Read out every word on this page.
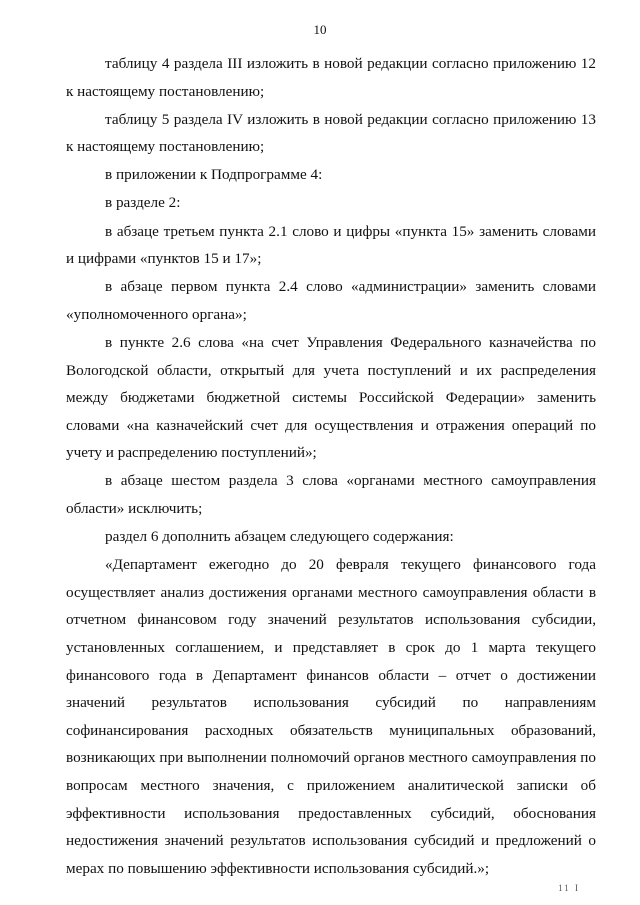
10

таблицу 4 раздела III изложить в новой редакции согласно приложению 12 к настоящему постановлению;

таблицу 5 раздела IV изложить в новой редакции согласно приложению 13 к настоящему постановлению;

в приложении к Подпрограмме 4:

в разделе 2:

в абзаце третьем пункта 2.1 слово и цифры «пункта 15» заменить словами и цифрами «пунктов 15 и 17»;

в абзаце первом пункта 2.4 слово «администрации» заменить словами «уполномоченного органа»;

в пункте 2.6 слова «на счет Управления Федерального казначейства по Вологодской области, открытый для учета поступлений и их распределения между бюджетами бюджетной системы Российской Федерации» заменить словами «на казначейский счет для осуществления и отражения операций по учету и распределению поступлений»;

в абзаце шестом раздела 3 слова «органами местного самоуправления области» исключить;

раздел 6 дополнить абзацем следующего содержания:

«Департамент ежегодно до 20 февраля текущего финансового года осуществляет анализ достижения органами местного самоуправления области в отчетном финансовом году значений результатов использования субсидии, установленных соглашением, и представляет в срок до 1 марта текущего финансового года в Департамент финансов области – отчет о достижении значений результатов использования субсидий по направлениям софинансирования расходных обязательств муниципальных образований, возникающих при выполнении полномочий органов местного самоуправления по вопросам местного значения, с приложением аналитической записки об эффективности использования предоставленных субсидий, обоснования недостижения значений результатов использования субсидий и предложений о мерах по повышению эффективности использования субсидий.»;

11 I
